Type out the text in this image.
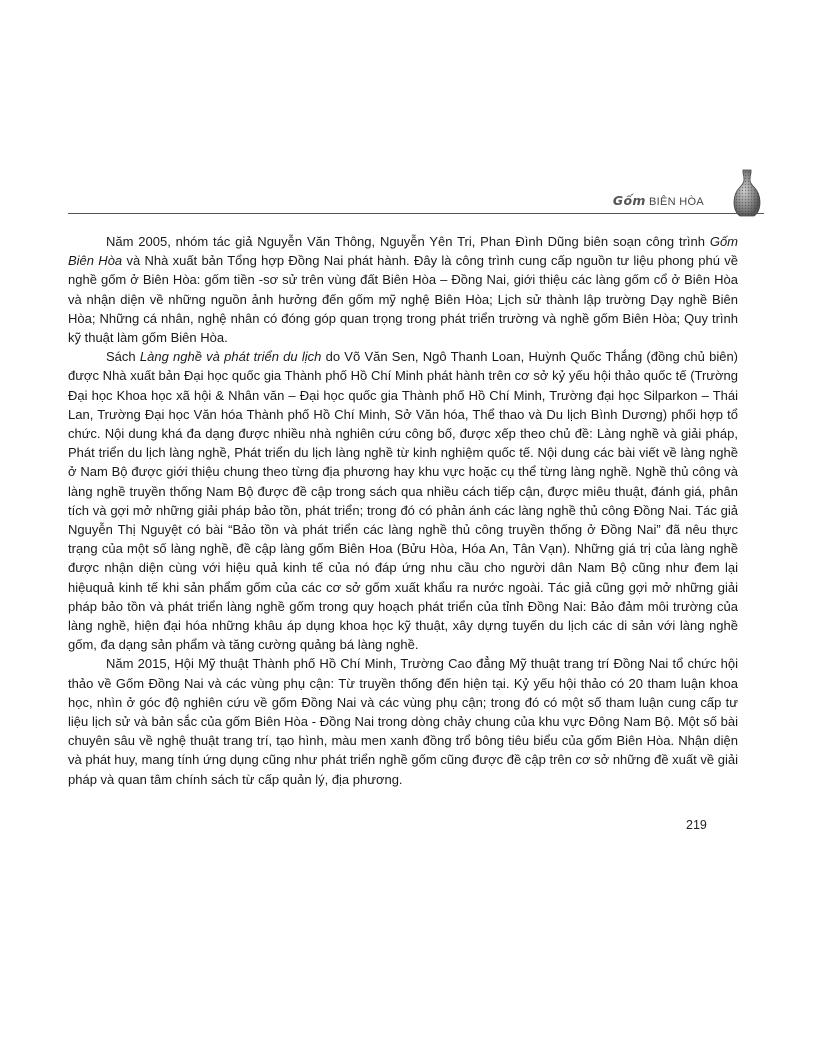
Gốm BIÊN HÒA

Năm 2005, nhóm tác giả Nguyễn Văn Thông, Nguyễn Yên Tri, Phan Đình Dũng biên soạn công trình Gốm Biên Hòa và Nhà xuất bản Tổng hợp Đồng Nai phát hành. Đây là công trình cung cấp nguồn tư liệu phong phú về nghề gốm ở Biên Hòa: gốm tiền -sơ sử trên vùng đất Biên Hòa – Đồng Nai, giới thiệu các làng gốm cổ ở Biên Hòa và nhận diện về những nguồn ảnh hưởng đến gốm mỹ nghệ Biên Hòa; Lịch sử thành lập trường Dạy nghề Biên Hòa; Những cá nhân, nghệ nhân có đóng góp quan trọng trong phát triển trường và nghề gốm Biên Hòa; Quy trình kỹ thuật làm gốm Biên Hòa.

Sách Làng nghề và phát triển du lịch do Võ Văn Sen, Ngô Thanh Loan, Huỳnh Quốc Thắng (đồng chủ biên) được Nhà xuất bản Đại học quốc gia Thành phố Hồ Chí Minh phát hành trên cơ sở kỷ yếu hội thảo quốc tế (Trường Đại học Khoa học xã hội & Nhân văn – Đại học quốc gia Thành phố Hồ Chí Minh, Trường đại học Silparkon – Thái Lan, Trường Đại học Văn hóa Thành phố Hồ Chí Minh, Sở Văn hóa, Thể thao và Du lịch Bình Dương) phối hợp tổ chức. Nội dung khá đa dạng được nhiều nhà nghiên cứu công bố, được xếp theo chủ đề: Làng nghề và giải pháp, Phát triển du lịch làng nghề, Phát triển du lịch làng nghề từ kinh nghiệm quốc tế. Nội dung các bài viết về làng nghề ở Nam Bộ được giới thiệu chung theo từng địa phương hay khu vực hoặc cụ thể từng làng nghề. Nghề thủ công và làng nghề truyền thống Nam Bộ được đề cập trong sách qua nhiều cách tiếp cận, được miêu thuật, đánh giá, phân tích và gợi mở những giải pháp bảo tồn, phát triển; trong đó có phản ánh các làng nghề thủ công Đồng Nai. Tác giả Nguyễn Thị Nguyệt có bài “Bảo tồn và phát triển các làng nghề thủ công truyền thống ở Đồng Nai” đã nêu thực trạng của một số làng nghề, đề cập làng gốm Biên Hoa (Bửu Hòa, Hóa An, Tân Vạn). Những giá trị của làng nghề được nhận diện cùng với hiệu quả kinh tế của nó đáp ứng nhu cầu cho người dân Nam Bộ cũng như đem lại hiệuquả kinh tế khi sản phẩm gốm của các cơ sở gốm xuất khẩu ra nước ngoài. Tác giả cũng gợi mở những giải pháp bảo tồn và phát triển làng nghề gốm trong quy hoạch phát triển của tỉnh Đồng Nai: Bảo đảm môi trường của làng nghề, hiện đại hóa những khâu áp dụng khoa học kỹ thuật, xây dựng tuyến du lịch các di sản với làng nghề gốm, đa dạng sản phẩm và tăng cường quảng bá làng nghề.

Năm 2015, Hội Mỹ thuật Thành phố Hồ Chí Minh, Trường Cao đẳng Mỹ thuật trang trí Đồng Nai tổ chức hội thảo về Gốm Đồng Nai và các vùng phụ cận: Từ truyền thống đến hiện tại. Kỷ yếu hội thảo có 20 tham luận khoa học, nhìn ở góc độ nghiên cứu về gốm Đồng Nai và các vùng phụ cận; trong đó có một số tham luận cung cấp tư liệu lịch sử và bản sắc của gốm Biên Hòa - Đồng Nai trong dòng chảy chung của khu vực Đông Nam Bộ. Một số bài chuyên sâu về nghệ thuật trang trí, tạo hình, màu men xanh đồng trổ bông tiêu biểu của gốm Biên Hòa. Nhận diện và phát huy, mang tính ứng dụng cũng như phát triển nghề gốm cũng được đề cập trên cơ sở những đề xuất về giải pháp và quan tâm chính sách từ cấp quản lý, địa phương.

219
